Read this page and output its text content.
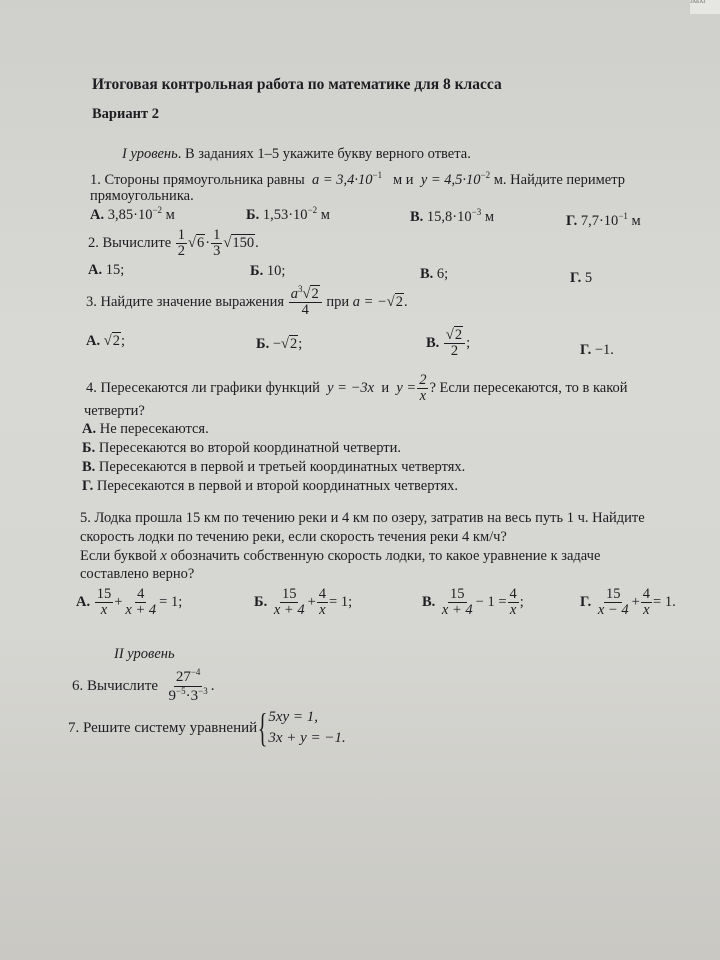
ЗАКАЗ
Итоговая контрольная работа по математике для 8 класса
Вариант 2
I уровень. В заданиях 1–5 укажите букву верного ответа.
1. Стороны прямоугольника равны $a = 3,4\cdot 10^{-1}$ м и $y = 4,5\cdot 10^{-2}$ м. Найдите периметр
прямоугольника.
А. $3,85\cdot 10^{-2}$ м	Б. $1,53\cdot 10^{-2}$ м	В. $15,8\cdot 10^{-3}$ м	Г. $7,7\cdot 10^{-1}$ м
2. Вычислите
$\frac{1}{2} √6 \cdot \frac{1}{3} √150$ .
А. 15;	Б. 10;	В. 6;	Г. 5
3. Найдите значение выражения
$\frac{a^3√2}{4}$
при
a = − √ 2 .
А. √2;	Б. −√2;	В.
$\frac{√2}{2}$ ;	Г. −1.
4. Пересекаются ли графики функций
y = −3x
и
$y = \frac{2}{x}$ ? Если пересекаются, то в какой
четверти?
А. Не пересекаются.
Б. Пересекаются во второй координатной четверти.
В. Пересекаются в первой и третьей координатных четвертях.
Г. Пересекаются в первой и второй координатных четвертях.
5. Лодка прошла 15 км по течению реки и 4 км по озеру, затратив на весь путь 1 ч. Найдите
скорость лодки по течению реки, если скорость течения реки 4 км/ч?
Если буквой x обозначить собственную скорость лодки, то какое уравнение к задаче
составлено верно?
А.
$\frac{15}{x} + \frac{4}{x + 4} = 1$;	Б.
$\frac{15}{x + 4} + \frac{4}{x} = 1$;	В.
$\frac{15}{x + 4} - 1 = \frac{4}{x}$ ;	Г.
$\frac{15}{x - 4} + \frac{4}{x} = 1$.
II уровень
6. Вычислите
$\frac{27^{-4}}{9^{-5}\cdot 3^{-3}}$ .
7. Решите систему уравнений { 5xy = 1,
3x + y = −1.
